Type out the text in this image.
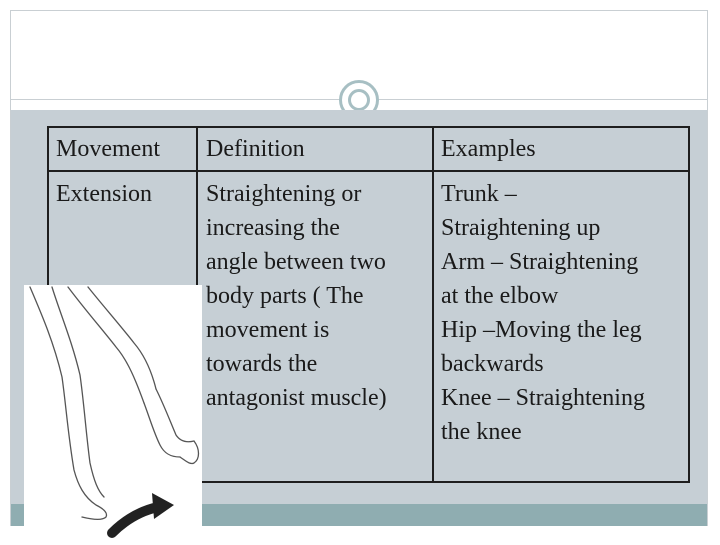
Movement Definition	Examples
Extension Straightening or
increasing the
angle between two
body parts ( The
movement is
towards the
antagonist muscle)
Trunk –
Straightening up
Arm – Straightening
at the elbow
Hip –Moving the leg
backwards
Knee – Straightening
the knee
